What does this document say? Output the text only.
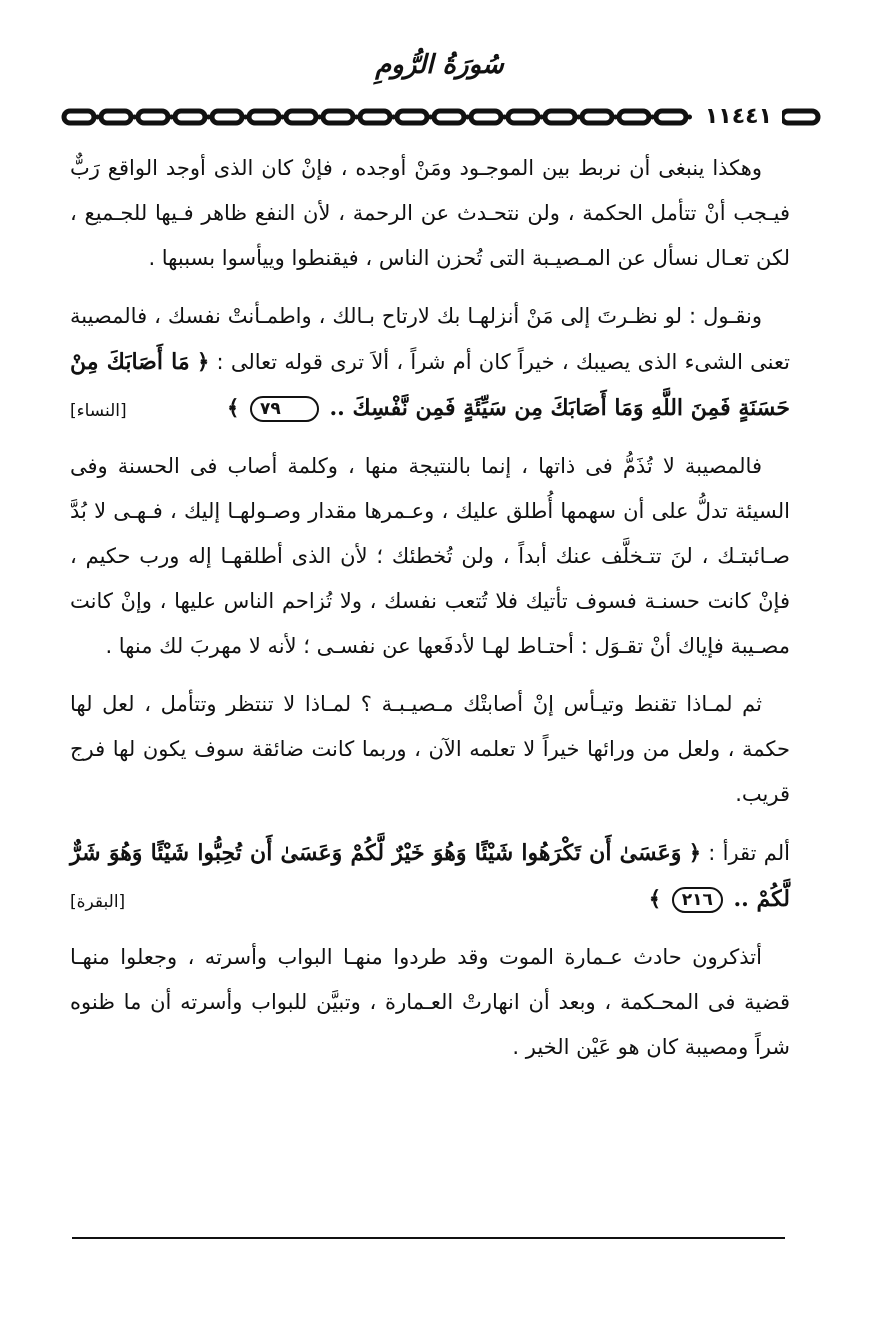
سُورَةُ الرُّومِ
١١٤٤١

وهكذا ينبغى أن نربط بين الموجـود ومَنْ أوجده ، فإنْ كان الذى أوجد الواقع رَبٌّ فيـجب أنْ تتأمل الحكمة ، ولن نتحـدث عن الرحمة ، لأن النفع ظاهر فـيها للجـميع ، لكن تعـال نسأل عن المـصيـبة التى تُحزن الناس ، فيقنطوا وييأسوا بسببها .

ونقـول : لو نظـرتَ إلى مَنْ أنزلهـا بك لارتاح بـالك ، واطمـأنتْ نفسك ، فالمصيبة تعنى الشىء الذى يصيبك ، خيراً كان أم شراً ، ألاَ ترى قوله تعالى : ﴿ مَا أَصَابَكَ مِنْ حَسَنَةٍ فَمِنَ اللَّهِ وَمَا أَصَابَكَ مِن سَيِّئَةٍ فَمِن نَّفْسِكَ .. ٧٩ ﴾
[النساء]

فالمصيبة لا تُذَمُّ فى ذاتها ، إنما بالنتيجة منها ، وكلمة أصاب فى الحسنة وفى السيئة تدلُّ على أن سهمها أُطلق عليك ، وعـمرها مقدار وصـولهـا إليك ، فـهـى لا بُدَّ صـائبتـك ، لنَ تتـخلَّف عنك أبداً ، ولن تُخطئك ؛ لأن الذى أطلقهـا إله ورب حكيم ، فإنْ كانت حسنـة فسوف تأتيك فلا تُتعب نفسك ، ولا تُزاحم الناس عليها ، وإنْ كانت مصـيبة فإياك أنْ تقـوَل : أحتـاط لهـا لأدفَعها عن نفسـى ؛ لأنه لا مهربَ لك منها .

ثم لمـاذا تقنط وتيـأس إنْ أصابتْك مـصيـبـة ؟ لمـاذا لا تنتظر وتتأمل ، لعل لها حكمة ، ولعل من ورائها خيراً لا تعلمه الآن ، وربما كانت ضائقة سوف يكون لها فرج قريب.

ألم تقرأ : ﴿ وَعَسَىٰ أَن تَكْرَهُوا شَيْئًا وَهُوَ خَيْرٌ لَّكُمْ وَعَسَىٰ أَن تُحِبُّوا شَيْئًا وَهُوَ شَرٌّ لَّكُمْ .. ٢١٦ ﴾
[البقرة]

أتذكرون حادث عـمارة الموت وقد طردوا منهـا البواب وأسرته ، وجعلوا منهـا قضية فى المحـكمة ، وبعد أن انهارتْ العـمارة ، وتبيَّن للبواب وأسرته أن ما ظنوه شراً ومصيبة كان هو عَيْن الخير .
